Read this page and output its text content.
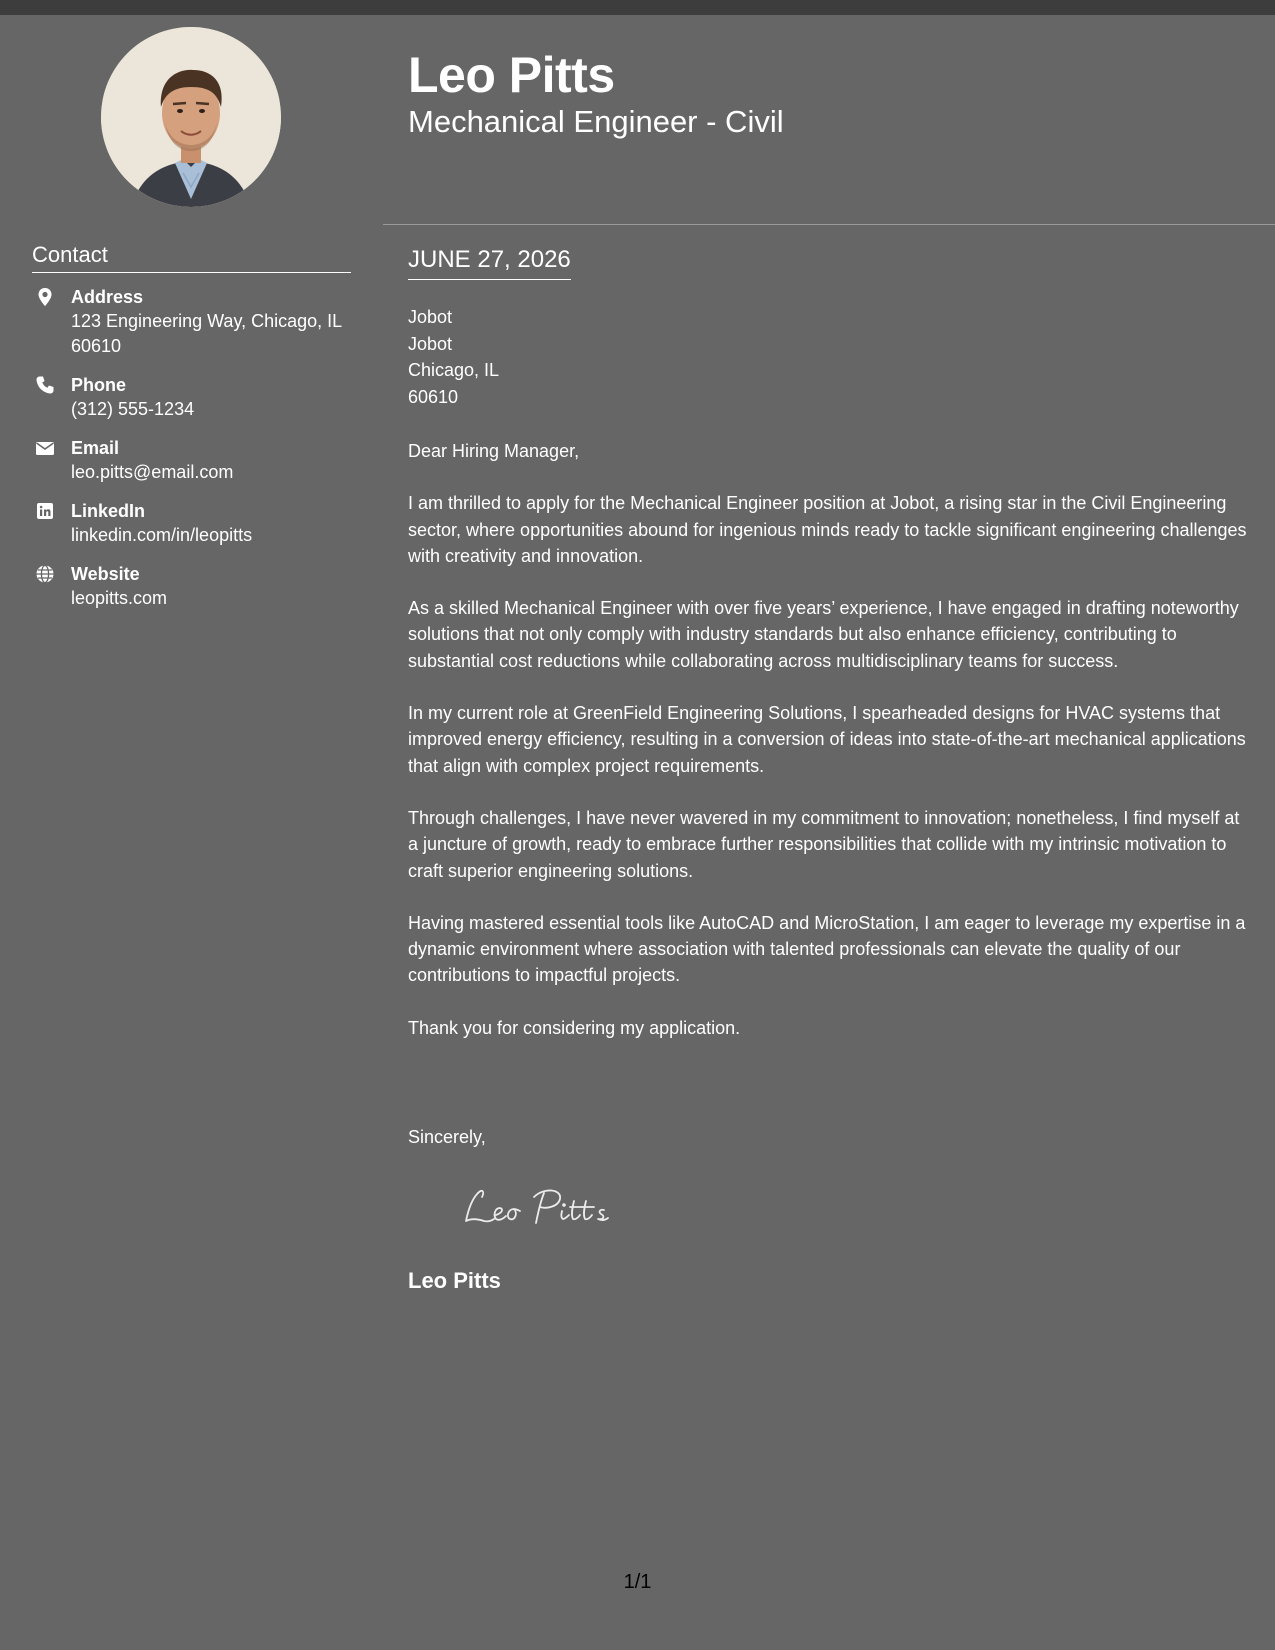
Contact
Address
123 Engineering Way, Chicago, IL 60610
Phone
(312) 555-1234
Email
leo.pitts@email.com
LinkedIn
linkedin.com/in/leopitts
Website
leopitts.com
Leo Pitts
Mechanical Engineer - Civil
JUNE 27, 2026
Jobot
Jobot
Chicago, IL
60610

Dear Hiring Manager,

I am thrilled to apply for the Mechanical Engineer position at Jobot, a rising star in the Civil Engineering sector, where opportunities abound for ingenious minds ready to tackle significant engineering challenges with creativity and innovation.

As a skilled Mechanical Engineer with over five years’ experience, I have engaged in drafting noteworthy solutions that not only comply with industry standards but also enhance efficiency, contributing to substantial cost reductions while collaborating across multidisciplinary teams for success.

In my current role at GreenField Engineering Solutions, I spearheaded designs for HVAC systems that improved energy efficiency, resulting in a conversion of ideas into state-of-the-art mechanical applications that align with complex project requirements.

Through challenges, I have never wavered in my commitment to innovation; nonetheless, I find myself at a juncture of growth, ready to embrace further responsibilities that collide with my intrinsic motivation to craft superior engineering solutions.

Having mastered essential tools like AutoCAD and MicroStation, I am eager to leverage my expertise in a dynamic environment where association with talented professionals can elevate the quality of our contributions to impactful projects.

Thank you for considering my application.

Sincerely,
Leo Pitts
1/1
